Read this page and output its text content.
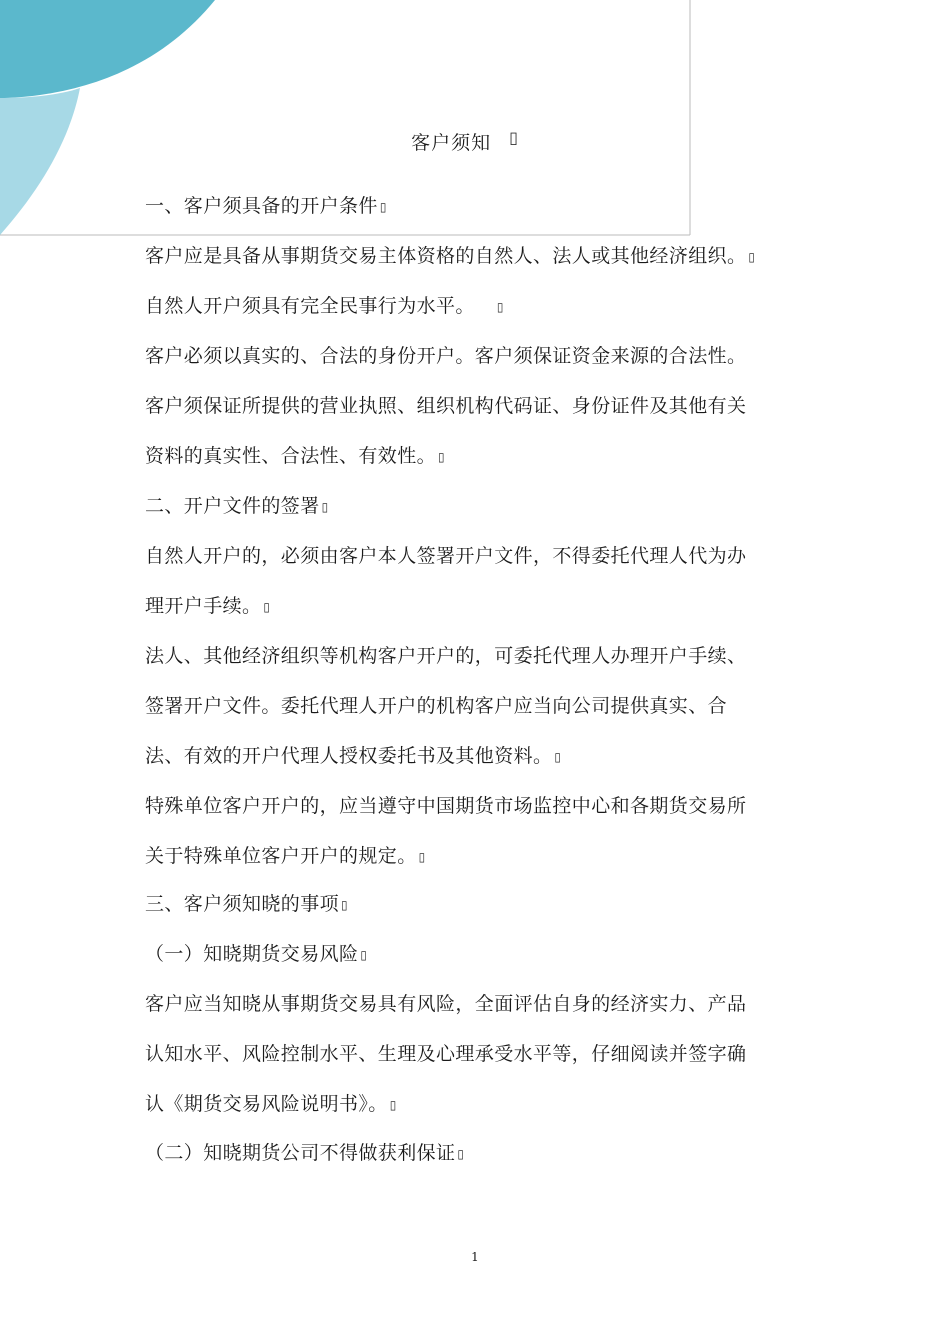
客户须知 ▯
一、客户须具备的开户条件 ▯
客户应是具备从事期货交易主体资格的自然人、法人或其他经济组织。 ▯
自然人开户须具有完全民事行为水平。 ▯
客户必须以真实的、合法的身份开户。客户须保证资金来源的合法性。
客户须保证所提供的营业执照、组织机构代码证、身份证件及其他有关
资料的真实性、合法性、有效性。 ▯
二、开户文件的签署 ▯
自然人开户的，必须由客户本人签署开户文件，不得委托代理人代为办
理开户手续。 ▯
法人、其他经济组织等机构客户开户的，可委托代理人办理开户手续、
签署开户文件。委托代理人开户的机构客户应当向公司提供真实、合
法、有效的开户代理人授权委托书及其他资料。 ▯
特殊单位客户开户的，应当遵守中国期货市场监控中心和各期货交易所
关于特殊单位客户开户的规定。 ▯
三、客户须知晓的事项 ▯
（一）知晓期货交易风险 ▯
客户应当知晓从事期货交易具有风险，全面评估自身的经济实力、产品
认知水平、风险控制水平、生理及心理承受水平等，仔细阅读并签字确
认《期货交易风险说明书》。 ▯
（二）知晓期货公司不得做获利保证 ▯
1
